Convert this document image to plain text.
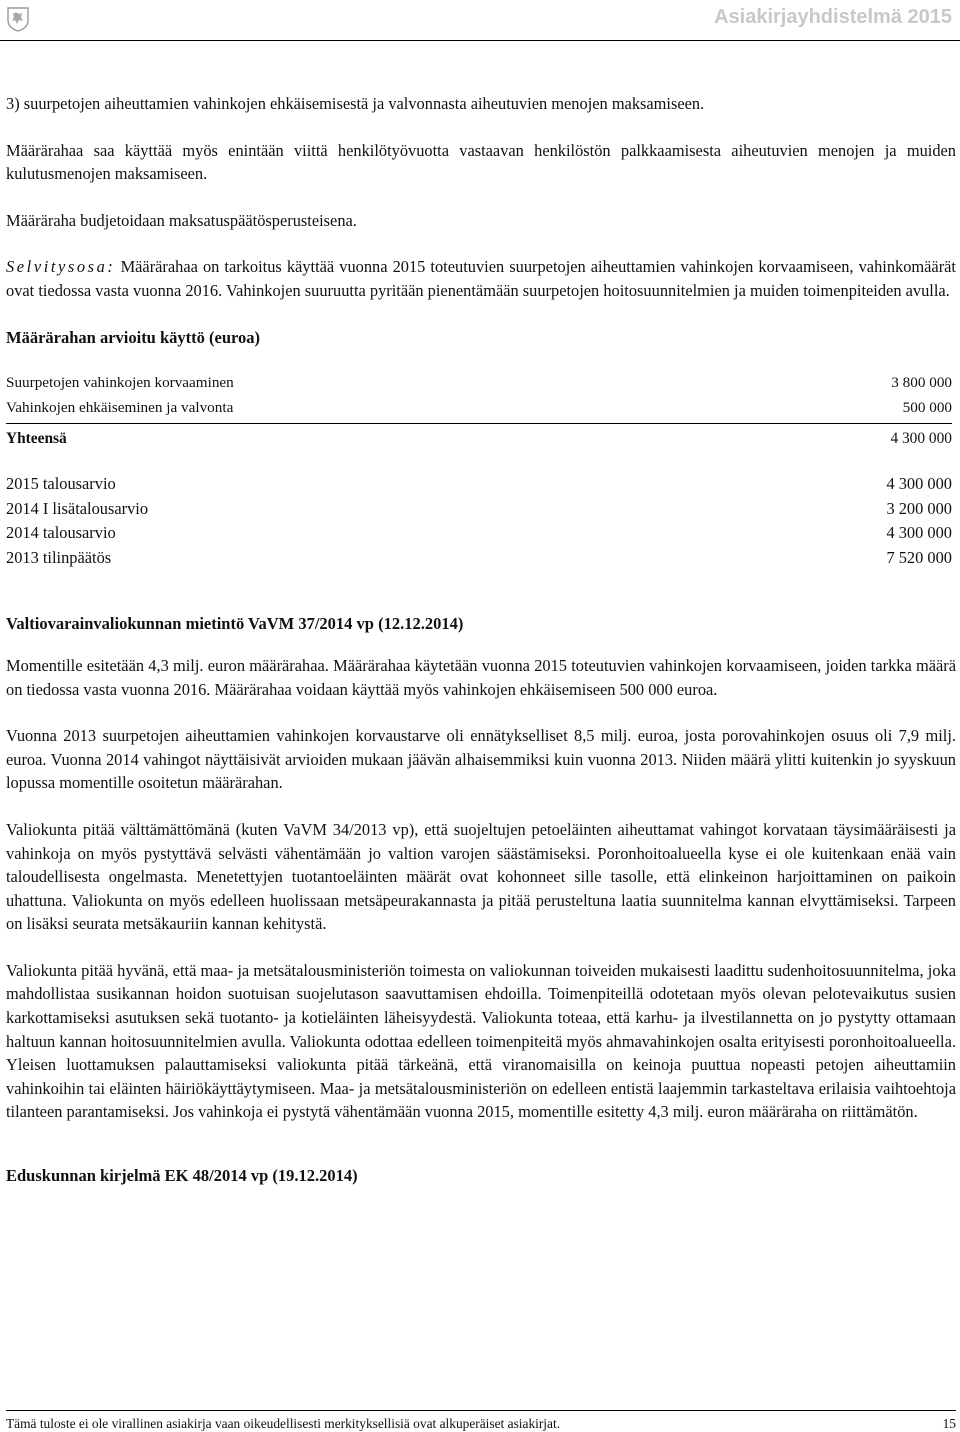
Asiakirjayhdistelmä 2015

3) suurpetojen aiheuttamien vahinkojen ehkäisemisestä ja valvonnasta aiheutuvien menojen maksamiseen.

Määrärahaa saa käyttää myös enintään viittä henkilötyövuotta vastaavan henkilöstön palkkaamisesta aiheutuvien menojen ja muiden kulutusmenojen maksamiseen.

Määräraha budjetoidaan maksatuspäätösperusteisena.

Selvitysosa: Määrärahaa on tarkoitus käyttää vuonna 2015 toteutuvien suurpetojen aiheuttamien vahinkojen korvaamiseen, vahinkomäärät ovat tiedossa vasta vuonna 2016. Vahinkojen suuruutta pyritään pienentämään suurpetojen hoitosuunnitelmien ja muiden toimenpiteiden avulla.

Määrärahan arvioitu käyttö (euroa)

Suurpetojen vahinkojen korvaaminen	3 800 000
Vahinkojen ehkäiseminen ja valvonta	500 000
Yhteensä	4 300 000
2015 talousarvio	4 300 000
2014 I lisätalousarvio	3 200 000
2014 talousarvio	4 300 000
2013 tilinpäätös	7 520 000

Valtiovarainvaliokunnan mietintö VaVM 37/2014 vp (12.12.2014)

Momentille esitetään 4,3 milj. euron määrärahaa. Määrärahaa käytetään vuonna 2015 toteutuvien vahinkojen korvaamiseen, joiden tarkka määrä on tiedossa vasta vuonna 2016. Määrärahaa voidaan käyttää myös vahinkojen ehkäisemiseen 500 000 euroa.

Vuonna 2013 suurpetojen aiheuttamien vahinkojen korvaustarve oli ennätykselliset 8,5 milj. euroa, josta porovahinkojen osuus oli 7,9 milj. euroa. Vuonna 2014 vahingot näyttäisivät arvioiden mukaan jäävän alhaisemmiksi kuin vuonna 2013. Niiden määrä ylitti kuitenkin jo syyskuun lopussa momentille osoitetun määrärahan.

Valiokunta pitää välttämättömänä (kuten VaVM 34/2013 vp), että suojeltujen petoeläinten aiheuttamat vahingot korvataan täysimääräisesti ja vahinkoja on myös pystyttävä selvästi vähentämään jo valtion varojen säästämiseksi. Poronhoitoalueella kyse ei ole kuitenkaan enää vain taloudellisesta ongelmasta. Menetettyjen tuotantoeläinten määrät ovat kohonneet sille tasolle, että elinkeinon harjoittaminen on paikoin uhattuna. Valiokunta on myös edelleen huolissaan metsäpeurakannasta ja pitää perusteltuna laatia suunnitelma kannan elvyttämiseksi. Tarpeen on lisäksi seurata metsäkauriin kannan kehitystä.

Valiokunta pitää hyvänä, että maa- ja metsätalousministeriön toimesta on valiokunnan toiveiden mukaisesti laadittu sudenhoitosuunnitelma, joka mahdollistaa susikannan hoidon suotuisan suojelutason saavuttamisen ehdoilla. Toimenpiteillä odotetaan myös olevan pelotevaikutus susien karkottamiseksi asutuksen sekä tuotanto- ja kotieläinten läheisyydestä. Valiokunta toteaa, että karhu- ja ilvestilannetta on jo pystytty ottamaan haltuun kannan hoitosuunnitelmien avulla. Valiokunta odottaa edelleen toimenpiteitä myös ahmavahinkojen osalta erityisesti poronhoitoalueella. Yleisen luottamuksen palauttamiseksi valiokunta pitää tärkeänä, että viranomaisilla on keinoja puuttua nopeasti petojen aiheuttamiin vahinkoihin tai eläinten häiriökäyttäytymiseen. Maa- ja metsätalousministeriön on edelleen entistä laajemmin tarkasteltava erilaisia vaihtoehtoja tilanteen parantamiseksi. Jos vahinkoja ei pystytä vähentämään vuonna 2015, momentille esitetty 4,3 milj. euron määräraha on riittämätön.

Eduskunnan kirjelmä EK 48/2014 vp (19.12.2014)

Tämä tuloste ei ole virallinen asiakirja vaan oikeudellisesti merkityksellisiä ovat alkuperäiset asiakirjat.	15
